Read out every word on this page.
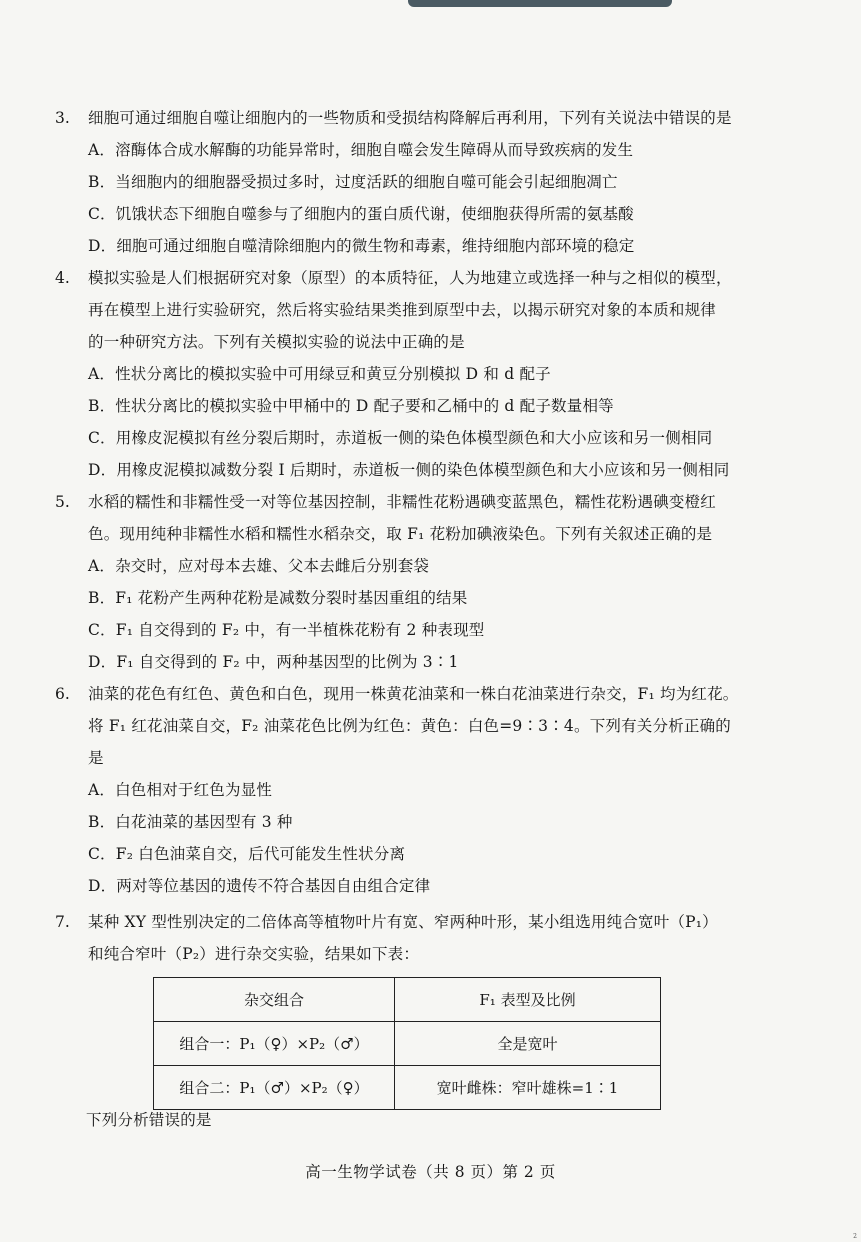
3. 细胞可通过细胞自噬让细胞内的一些物质和受损结构降解后再利用，下列有关说法中错误的是
A．溶酶体合成水解酶的功能异常时，细胞自噬会发生障碍从而导致疾病的发生
B．当细胞内的细胞器受损过多时，过度活跃的细胞自噬可能会引起细胞凋亡
C．饥饿状态下细胞自噬参与了细胞内的蛋白质代谢，使细胞获得所需的氨基酸
D．细胞可通过细胞自噬清除细胞内的微生物和毒素，维持细胞内部环境的稳定
4. 模拟实验是人们根据研究对象（原型）的本质特征，人为地建立或选择一种与之相似的模型，
再在模型上进行实验研究，然后将实验结果类推到原型中去，以揭示研究对象的本质和规律
的一种研究方法。下列有关模拟实验的说法中正确的是
A．性状分离比的模拟实验中可用绿豆和黄豆分别模拟 D 和 d 配子
B．性状分离比的模拟实验中甲桶中的 D 配子要和乙桶中的 d 配子数量相等
C．用橡皮泥模拟有丝分裂后期时，赤道板一侧的染色体模型颜色和大小应该和另一侧相同
D．用橡皮泥模拟减数分裂 I 后期时，赤道板一侧的染色体模型颜色和大小应该和另一侧相同
5. 水稻的糯性和非糯性受一对等位基因控制，非糯性花粉遇碘变蓝黑色，糯性花粉遇碘变橙红
色。现用纯种非糯性水稻和糯性水稻杂交，取 F₁ 花粉加碘液染色。下列有关叙述正确的是
A．杂交时，应对母本去雄、父本去雌后分别套袋
B．F₁ 花粉产生两种花粉是减数分裂时基因重组的结果
C．F₁ 自交得到的 F₂ 中，有一半植株花粉有 2 种表现型
D．F₁ 自交得到的 F₂ 中，两种基因型的比例为 3∶1
6. 油菜的花色有红色、黄色和白色，现用一株黄花油菜和一株白花油菜进行杂交，F₁ 均为红花。
将 F₁ 红花油菜自交，F₂ 油菜花色比例为红色：黄色：白色=9∶3∶4。下列有关分析正确的
是
A．白色相对于红色为显性
B．白花油菜的基因型有 3 种
C．F₂ 白色油菜自交，后代可能发生性状分离
D．两对等位基因的遗传不符合基因自由组合定律
7. 某种 XY 型性别决定的二倍体高等植物叶片有宽、窄两种叶形，某小组选用纯合宽叶（P₁）
和纯合窄叶（P₂）进行杂交实验，结果如下表：
杂交组合	F₁ 表型及比例
组合一：P₁（♀）×P₂（♂）	全是宽叶
组合二：P₁（♂）×P₂（♀）	宽叶雌株：窄叶雄株=1∶1
下列分析错误的是
高一生物学试卷（共 8 页）第 2 页
2
